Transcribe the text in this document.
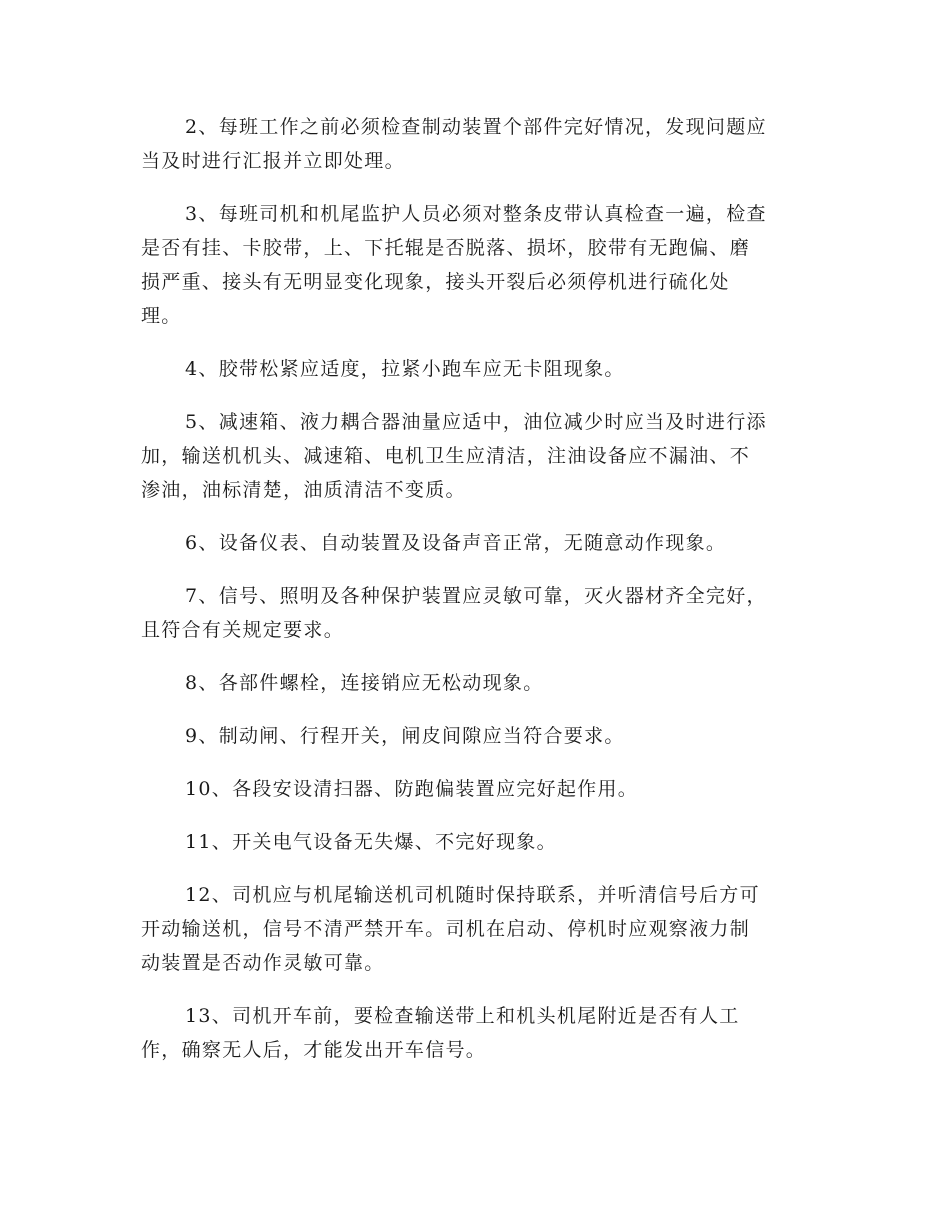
2、每班工作之前必须检查制动装置个部件完好情况，发现问题应
当及时进行汇报并立即处理。

3、每班司机和机尾监护人员必须对整条皮带认真检查一遍，检查
是否有挂、卡胶带，上、下托辊是否脱落、损坏，胶带有无跑偏、磨
损严重、接头有无明显变化现象，接头开裂后必须停机进行硫化处
理。

4、胶带松紧应适度，拉紧小跑车应无卡阻现象。

5、减速箱、液力耦合器油量应适中，油位减少时应当及时进行添
加，输送机机头、减速箱、电机卫生应清洁，注油设备应不漏油、不
渗油，油标清楚，油质清洁不变质。

6、设备仪表、自动装置及设备声音正常，无随意动作现象。

7、信号、照明及各种保护装置应灵敏可靠，灭火器材齐全完好，
且符合有关规定要求。

8、各部件螺栓，连接销应无松动现象。

9、制动闸、行程开关，闸皮间隙应当符合要求。

10、各段安设清扫器、防跑偏装置应完好起作用。

11、开关电气设备无失爆、不完好现象。

12、司机应与机尾输送机司机随时保持联系，并听清信号后方可
开动输送机，信号不清严禁开车。司机在启动、停机时应观察液力制
动装置是否动作灵敏可靠。

13、司机开车前，要检查输送带上和机头机尾附近是否有人工
作，确察无人后，才能发出开车信号。
